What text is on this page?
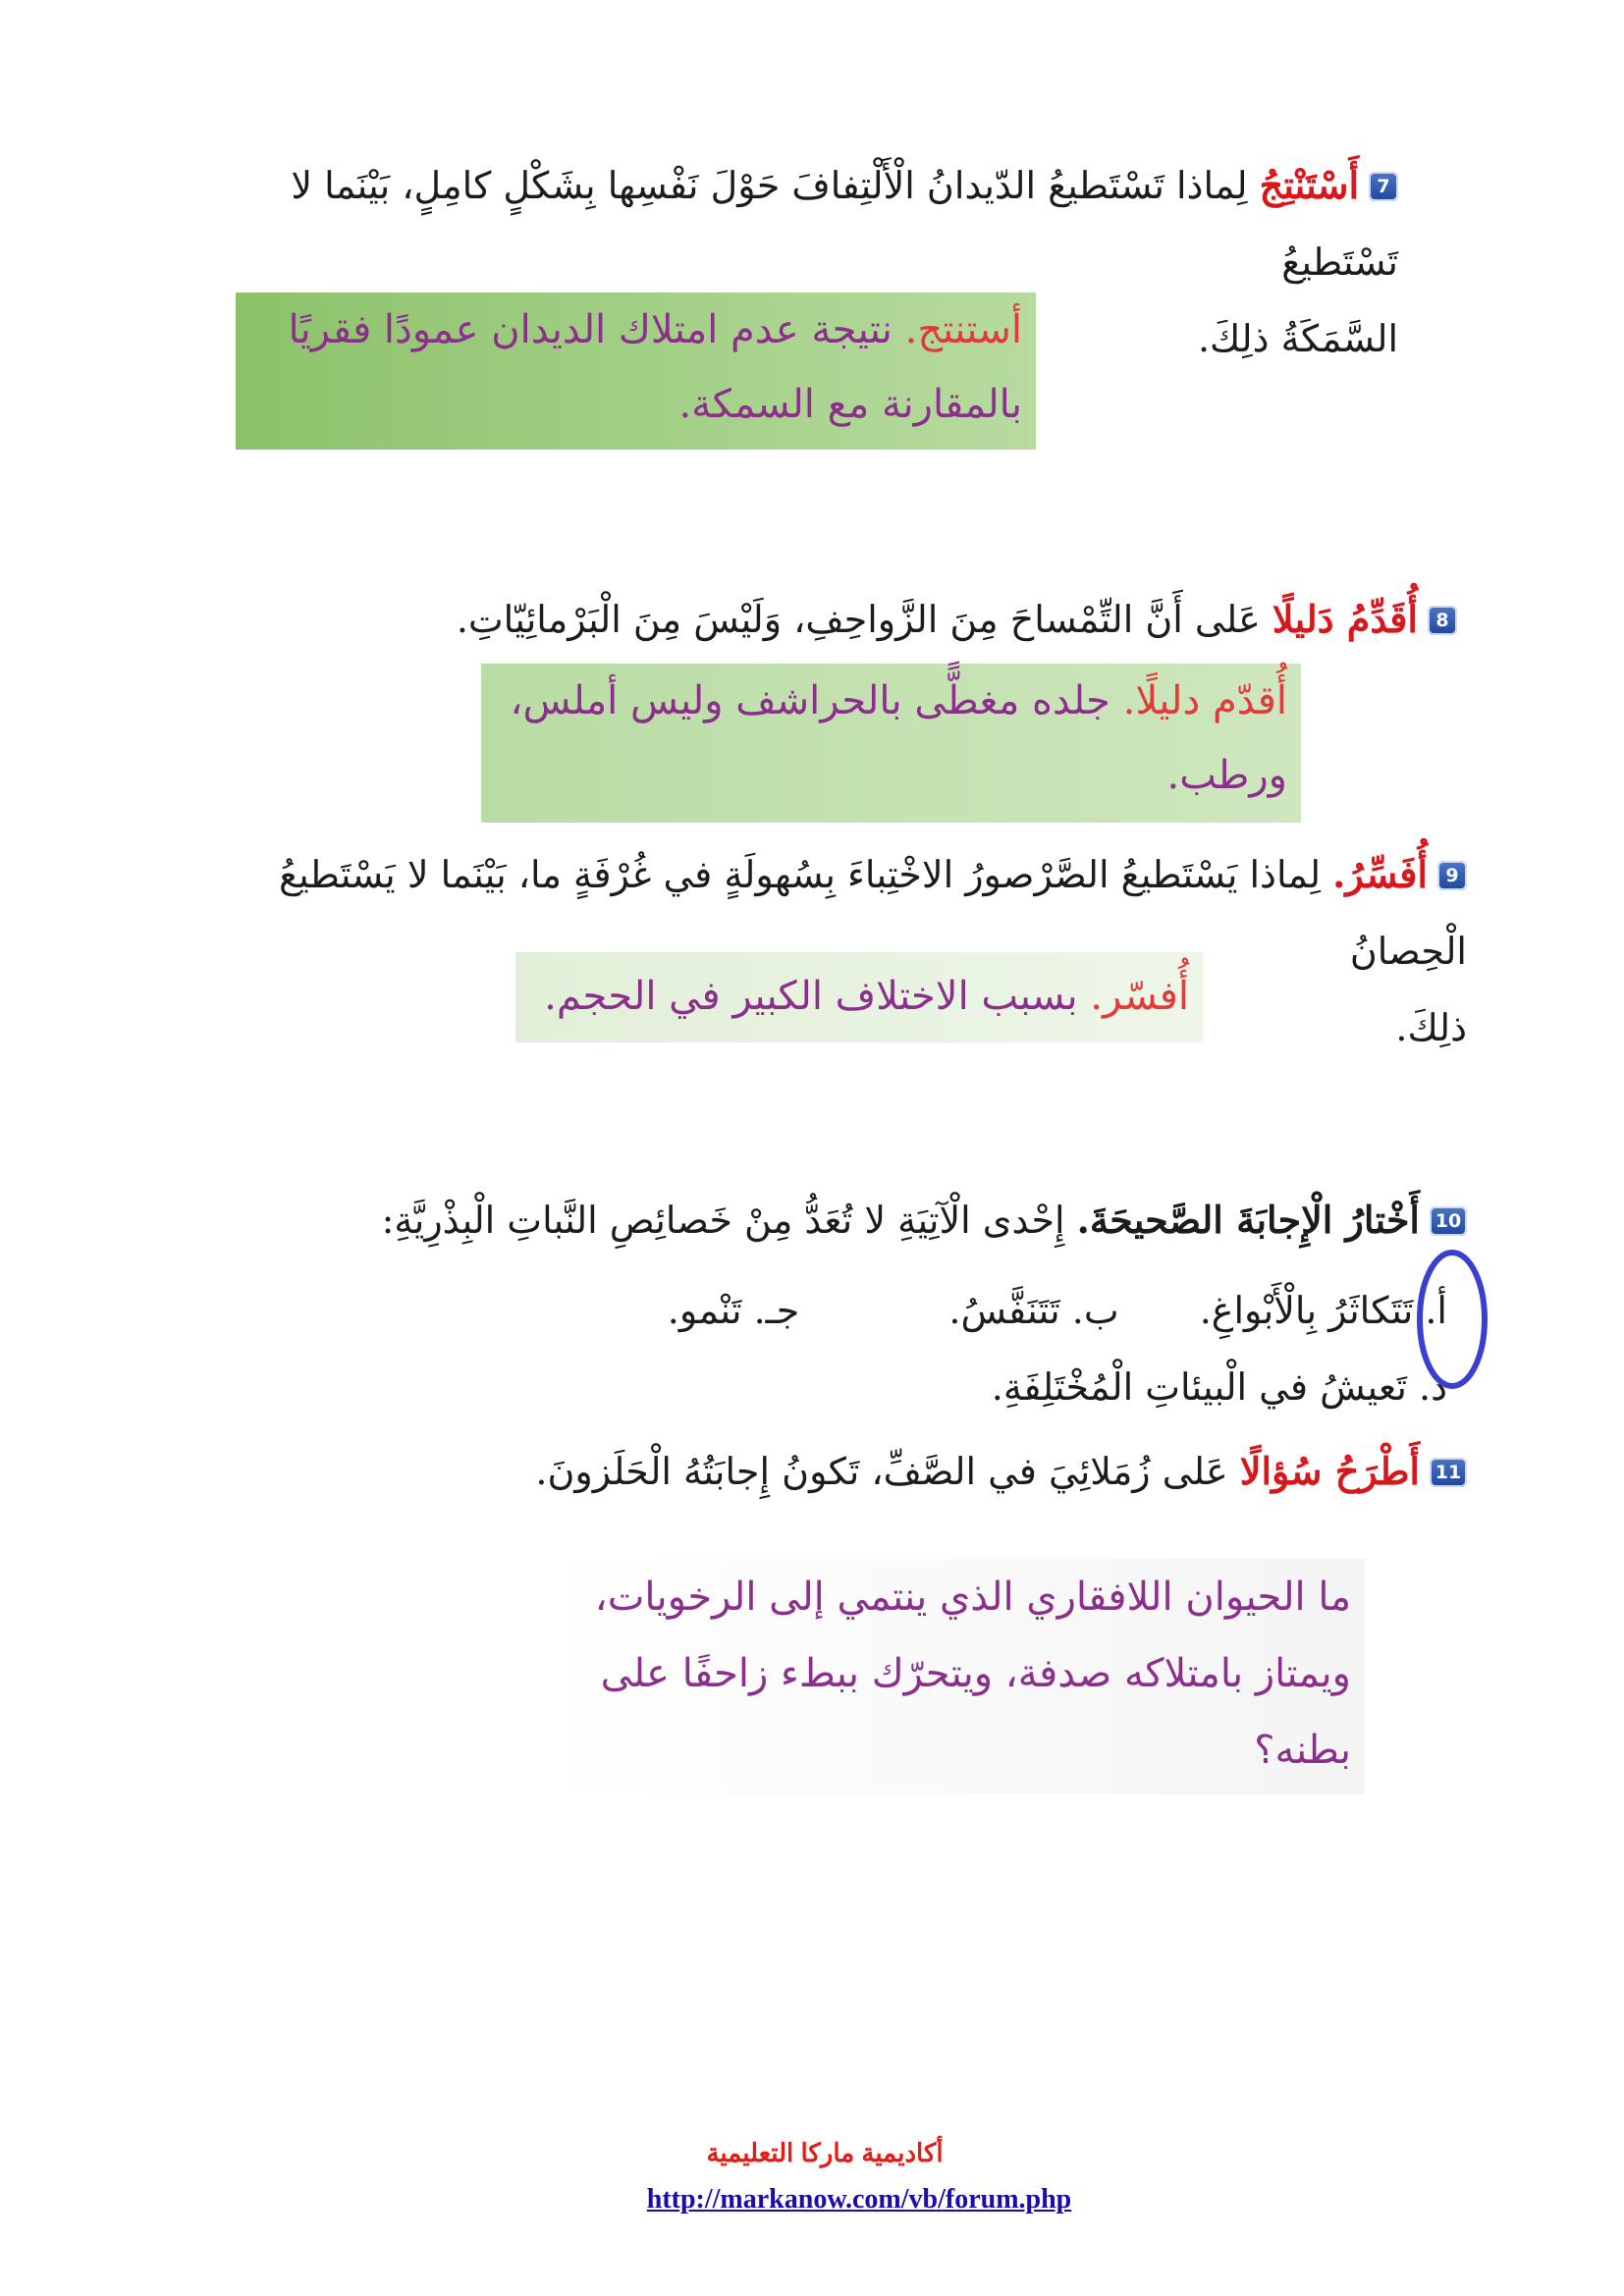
7أَسْتَنْتِجُ لِماذا تَسْتَطيعُ الدّيدانُ الْأَلْتِفافَ حَوْلَ نَفْسِها بِشَكْلٍ كامِلٍ، بَيْنَما لا تَسْتَطيعُ
السَّمَكَةُ ذلِكَ.
أستنتج. نتيجة عدم امتلاك الديدان عمودًا فقريًا
بالمقارنة مع السمكة.
8أُقَدِّمُ دَليلًا عَلى أَنَّ التِّمْساحَ مِنَ الزَّواحِفِ، وَلَيْسَ مِنَ الْبَرْمائِيّاتِ.
أُقدّم دليلًا. جلده مغطًّى بالحراشف وليس أملس،
ورطب.
9أُفَسِّرُ. لِماذا يَسْتَطيعُ الصَّرْصورُ الاخْتِباءَ بِسُهولَةٍ في غُرْفَةٍ ما، بَيْنَما لا يَسْتَطيعُ الْحِصانُ
ذلِكَ.
أُفسّر. بسبب الاختلاف الكبير في الحجم.
10أَخْتارُ الْإِجابَةَ الصَّحيحَةَ. إِحْدى الْآتِيَةِ لا تُعَدُّ مِنْ خَصائِصِ النَّباتِ الْبِذْرِيَّةِ:
أ. تَتَكاثَرُ بِالْأَبْواغِ. ب. تَتَنَفَّسُ. جـ. تَنْمو. د. تَعيشُ في الْبيئاتِ الْمُخْتَلِفَةِ.
11أَطْرَحُ سُؤالًا عَلى زُمَلائِيَ في الصَّفِّ، تَكونُ إِجابَتُهُ الْحَلَزونَ.
ما الحيوان اللافقاري الذي ينتمي إلى الرخويات،
ويمتاز بامتلاكه صدفة، ويتحرّك ببطء زاحفًا على
بطنه؟
أكاديمية ماركا التعليمية
http://markanow.com/vb/forum.php
